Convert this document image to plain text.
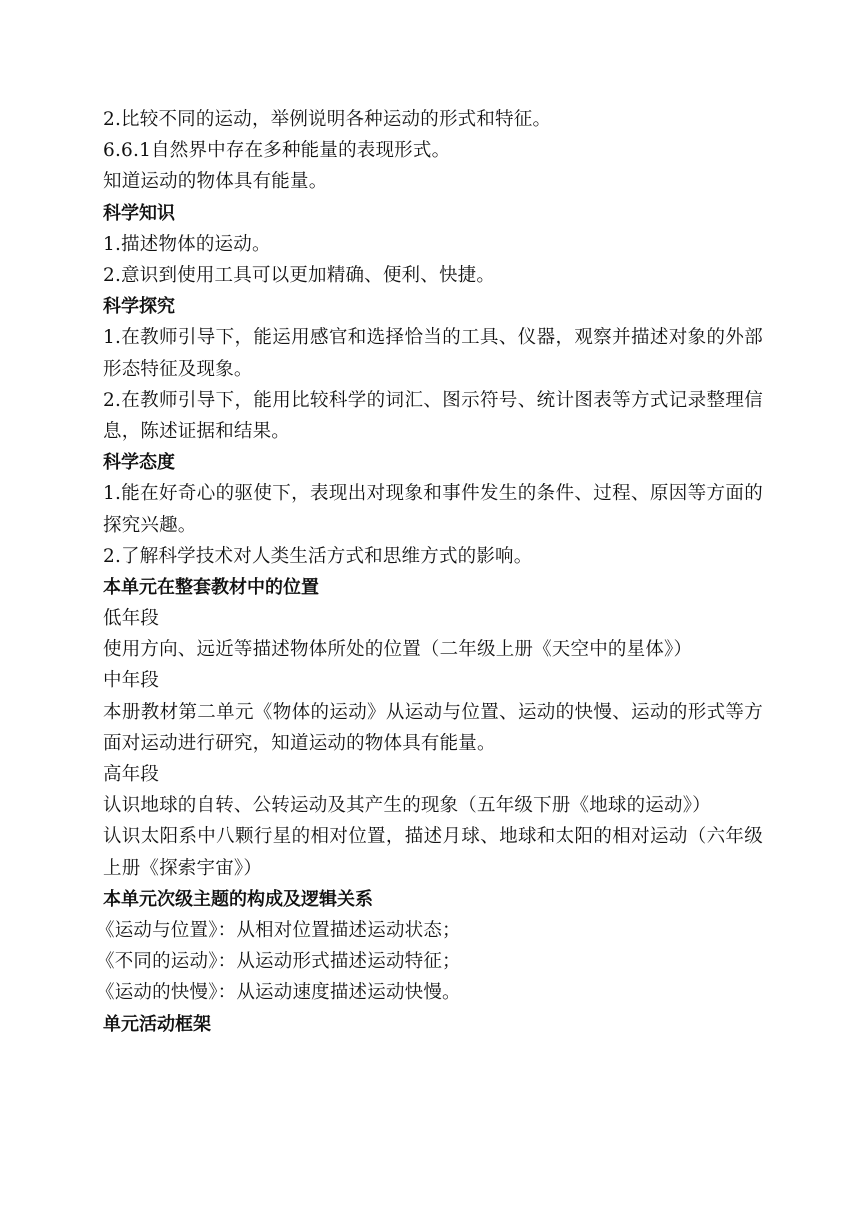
2.比较不同的运动，举例说明各种运动的形式和特征。
6.6.1自然界中存在多种能量的表现形式。
知道运动的物体具有能量。
科学知识
1.描述物体的运动。
2.意识到使用工具可以更加精确、便利、快捷。
科学探究
1.在教师引导下，能运用感官和选择恰当的工具、仪器，观察并描述对象的外部形态特征及现象。
2.在教师引导下，能用比较科学的词汇、图示符号、统计图表等方式记录整理信息，陈述证据和结果。
科学态度
1.能在好奇心的驱使下，表现出对现象和事件发生的条件、过程、原因等方面的探究兴趣。
2.了解科学技术对人类生活方式和思维方式的影响。
本单元在整套教材中的位置
低年段
使用方向、远近等描述物体所处的位置（二年级上册《天空中的星体》）
中年段
本册教材第二单元《物体的运动》从运动与位置、运动的快慢、运动的形式等方面对运动进行研究，知道运动的物体具有能量。
高年段
认识地球的自转、公转运动及其产生的现象（五年级下册《地球的运动》）
认识太阳系中八颗行星的相对位置，描述月球、地球和太阳的相对运动（六年级上册《探索宇宙》）
本单元次级主题的构成及逻辑关系
《运动与位置》：从相对位置描述运动状态；
《不同的运动》：从运动形式描述运动特征；
《运动的快慢》：从运动速度描述运动快慢。
单元活动框架
